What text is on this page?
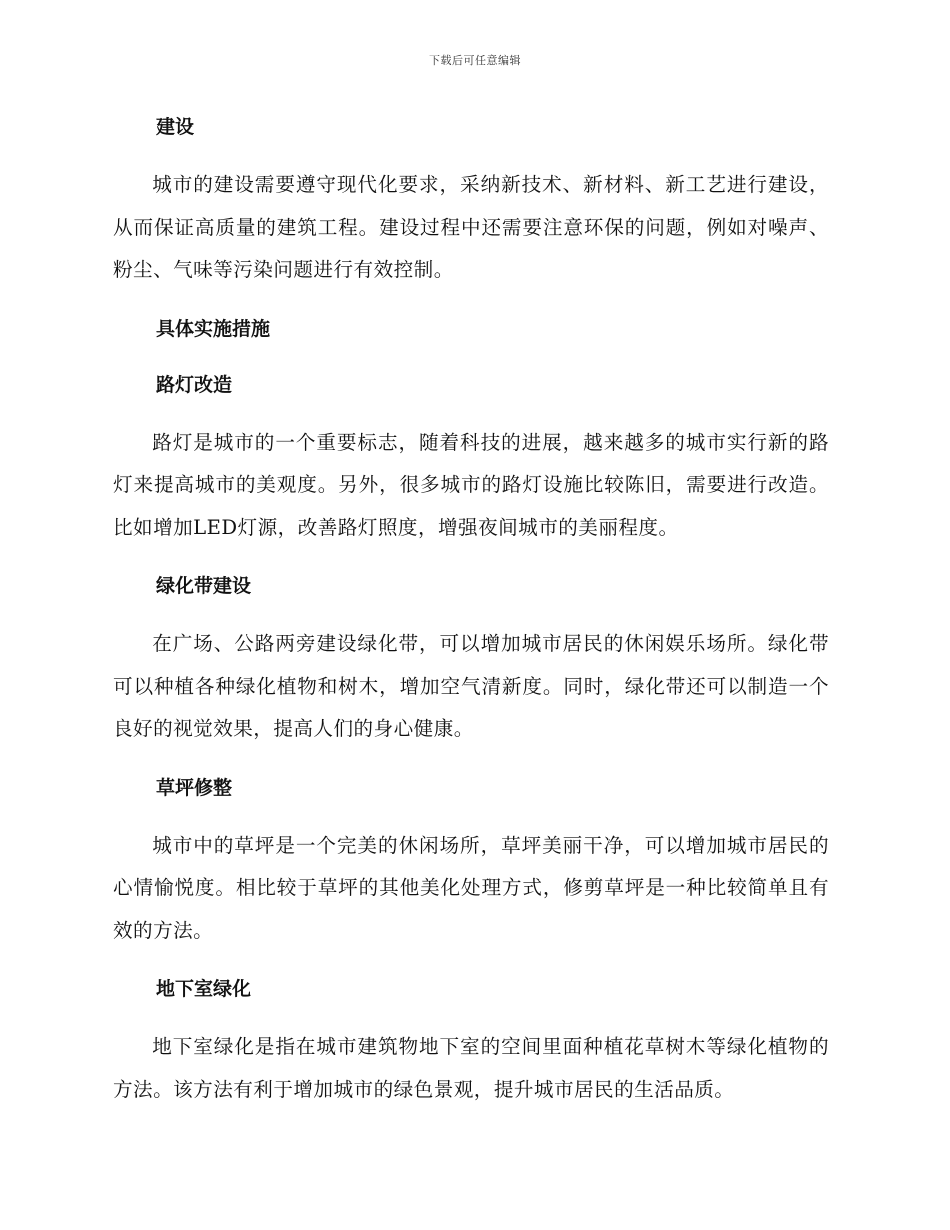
下载后可任意编辑
建设

城市的建设需要遵守现代化要求，采纳新技术、新材料、新工艺进行建设，从而保证高质量的建筑工程。建设过程中还需要注意环保的问题，例如对噪声、粉尘、气味等污染问题进行有效控制。

具体实施措施
路灯改造

路灯是城市的一个重要标志，随着科技的进展，越来越多的城市实行新的路灯来提高城市的美观度。另外，很多城市的路灯设施比较陈旧，需要进行改造。比如增加LED灯源，改善路灯照度，增强夜间城市的美丽程度。

绿化带建设

在广场、公路两旁建设绿化带，可以增加城市居民的休闲娱乐场所。绿化带可以种植各种绿化植物和树木，增加空气清新度。同时，绿化带还可以制造一个良好的视觉效果，提高人们的身心健康。

草坪修整

城市中的草坪是一个完美的休闲场所，草坪美丽干净，可以增加城市居民的心情愉悦度。相比较于草坪的其他美化处理方式，修剪草坪是一种比较简单且有效的方法。

地下室绿化

地下室绿化是指在城市建筑物地下室的空间里面种植花草树木等绿化植物的方法。该方法有利于增加城市的绿色景观，提升城市居民的生活品质。
